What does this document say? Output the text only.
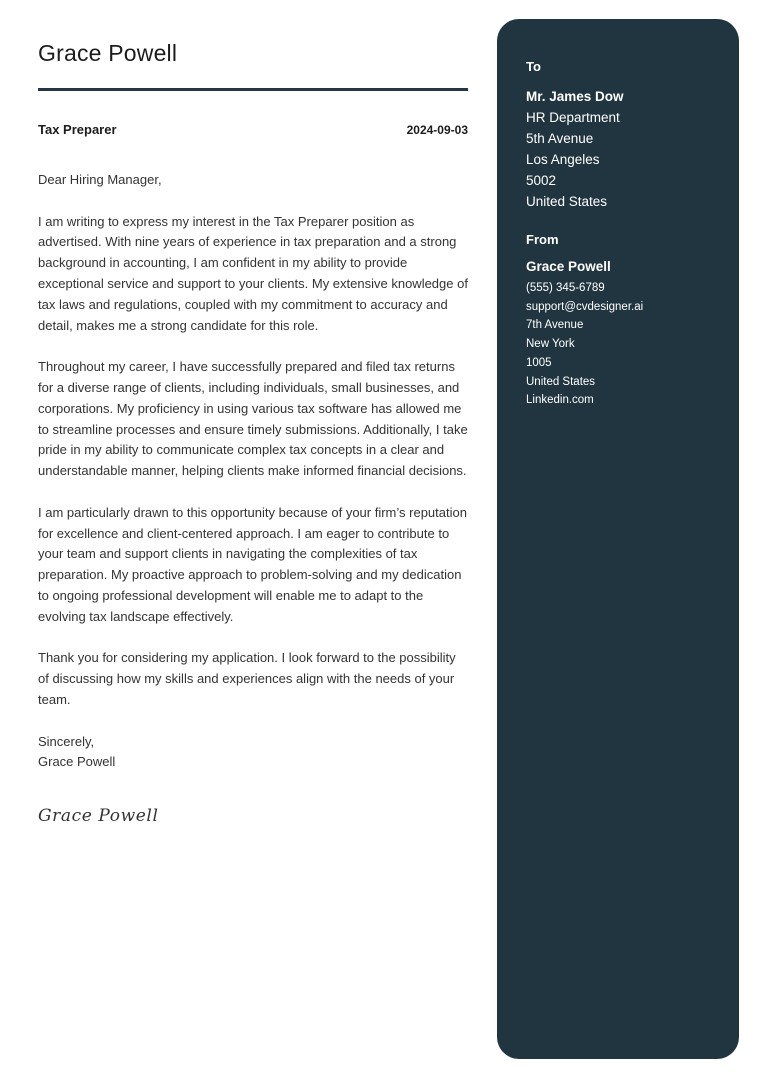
Grace Powell
Tax Preparer	2024-09-03

Dear Hiring Manager,

I am writing to express my interest in the Tax Preparer position as advertised. With nine years of experience in tax preparation and a strong background in accounting, I am confident in my ability to provide exceptional service and support to your clients. My extensive knowledge of tax laws and regulations, coupled with my commitment to accuracy and detail, makes me a strong candidate for this role.

Throughout my career, I have successfully prepared and filed tax returns for a diverse range of clients, including individuals, small businesses, and corporations. My proficiency in using various tax software has allowed me to streamline processes and ensure timely submissions. Additionally, I take pride in my ability to communicate complex tax concepts in a clear and understandable manner, helping clients make informed financial decisions.

I am particularly drawn to this opportunity because of your firm’s reputation for excellence and client-centered approach. I am eager to contribute to your team and support clients in navigating the complexities of tax preparation. My proactive approach to problem-solving and my dedication to ongoing professional development will enable me to adapt to the evolving tax landscape effectively.

Thank you for considering my application. I look forward to the possibility of discussing how my skills and experiences align with the needs of your team.

Sincerely,

Grace Powell

Grace Powell
To
Mr. James Dow
HR Department
5th Avenue
Los Angeles
5002
United States
From
Grace Powell
(555) 345-6789
support@cvdesigner.ai
7th Avenue
New York
1005
United States
Linkedin.com
